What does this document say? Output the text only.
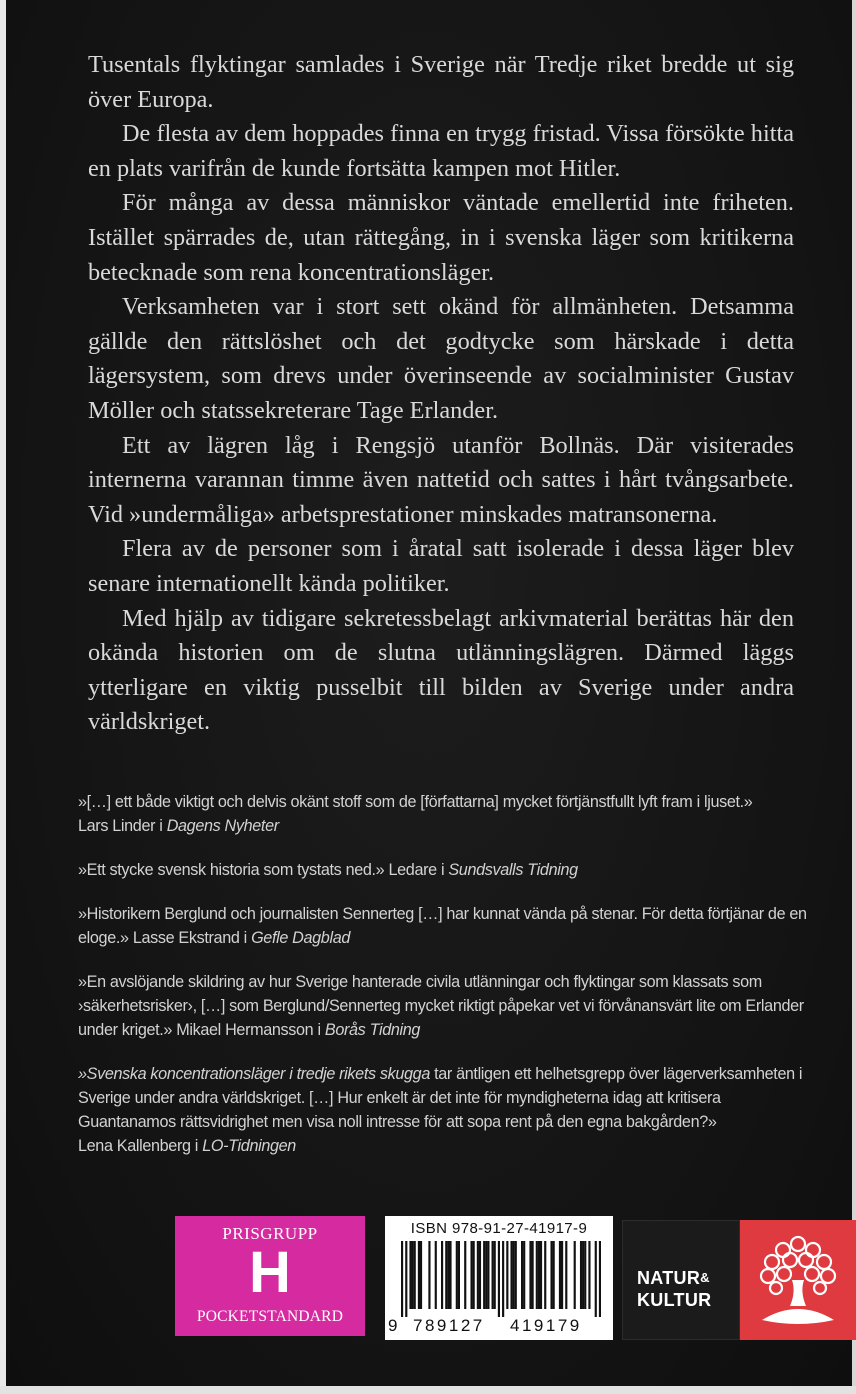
Tusentals flyktingar samlades i Sverige när Tredje riket bredde ut sig över Europa.

De flesta av dem hoppades finna en trygg fristad. Vissa försökte hitta en plats varifrån de kunde fortsätta kampen mot Hitler.

För många av dessa människor väntade emellertid inte friheten. Istället spärrades de, utan rättegång, in i svenska läger som kritikerna betecknade som rena koncentrationsläger.

Verksamheten var i stort sett okänd för allmänheten. Detsamma gällde den rättslöshet och det godtycke som härskade i detta lägersystem, som drevs under överinseende av socialminister Gustav Möller och statssekreterare Tage Erlander.

Ett av lägren låg i Rengsjö utanför Bollnäs. Där visiterades internerna varannan timme även nattetid och sattes i hårt tvångsarbete. Vid »undermåliga» arbetsprestationer minskades matransonerna.

Flera av de personer som i åratal satt isolerade i dessa läger blev senare internationellt kända politiker.

Med hjälp av tidigare sekretessbelagt arkivmaterial berättas här den okända historien om de slutna utlänningslägren. Därmed läggs ytterligare en viktig pusselbit till bilden av Sverige under andra världskriget.

»[…] ett både viktigt och delvis okänt stoff som de [författarna] mycket förtjänstfullt lyft fram i ljuset.»
Lars Linder i Dagens Nyheter
»Ett stycke svensk historia som tystats ned.» Ledare i Sundsvalls Tidning
»Historikern Berglund och journalisten Sennerteg […] har kunnat vända på stenar. För detta förtjänar de en eloge.» Lasse Ekstrand i Gefle Dagblad
»En avslöjande skildring av hur Sverige hanterade civila utlänningar och flyktingar som klassats som ›säkerhetsrisker›, […] som Berglund/Sennerteg mycket riktigt påpekar vet vi förvånansvärt lite om Erlander under kriget.» Mikael Hermansson i Borås Tidning
»Svenska koncentrationsläger i tredje rikets skugga tar äntligen ett helhetsgrepp över lägerverksamheten i Sverige under andra världskriget. […] Hur enkelt är det inte för myndigheterna idag att kritisera Guantanamos rättsvidrighet men visa noll intresse för att sopa rent på den egna bakgården?»
Lena Kallenberg i LO-Tidningen
PRISGRUPP
H
POCKETSTANDARD
ISBN 978-91-27-41917-9
9 789127 419179
NATUR&
KULTUR
